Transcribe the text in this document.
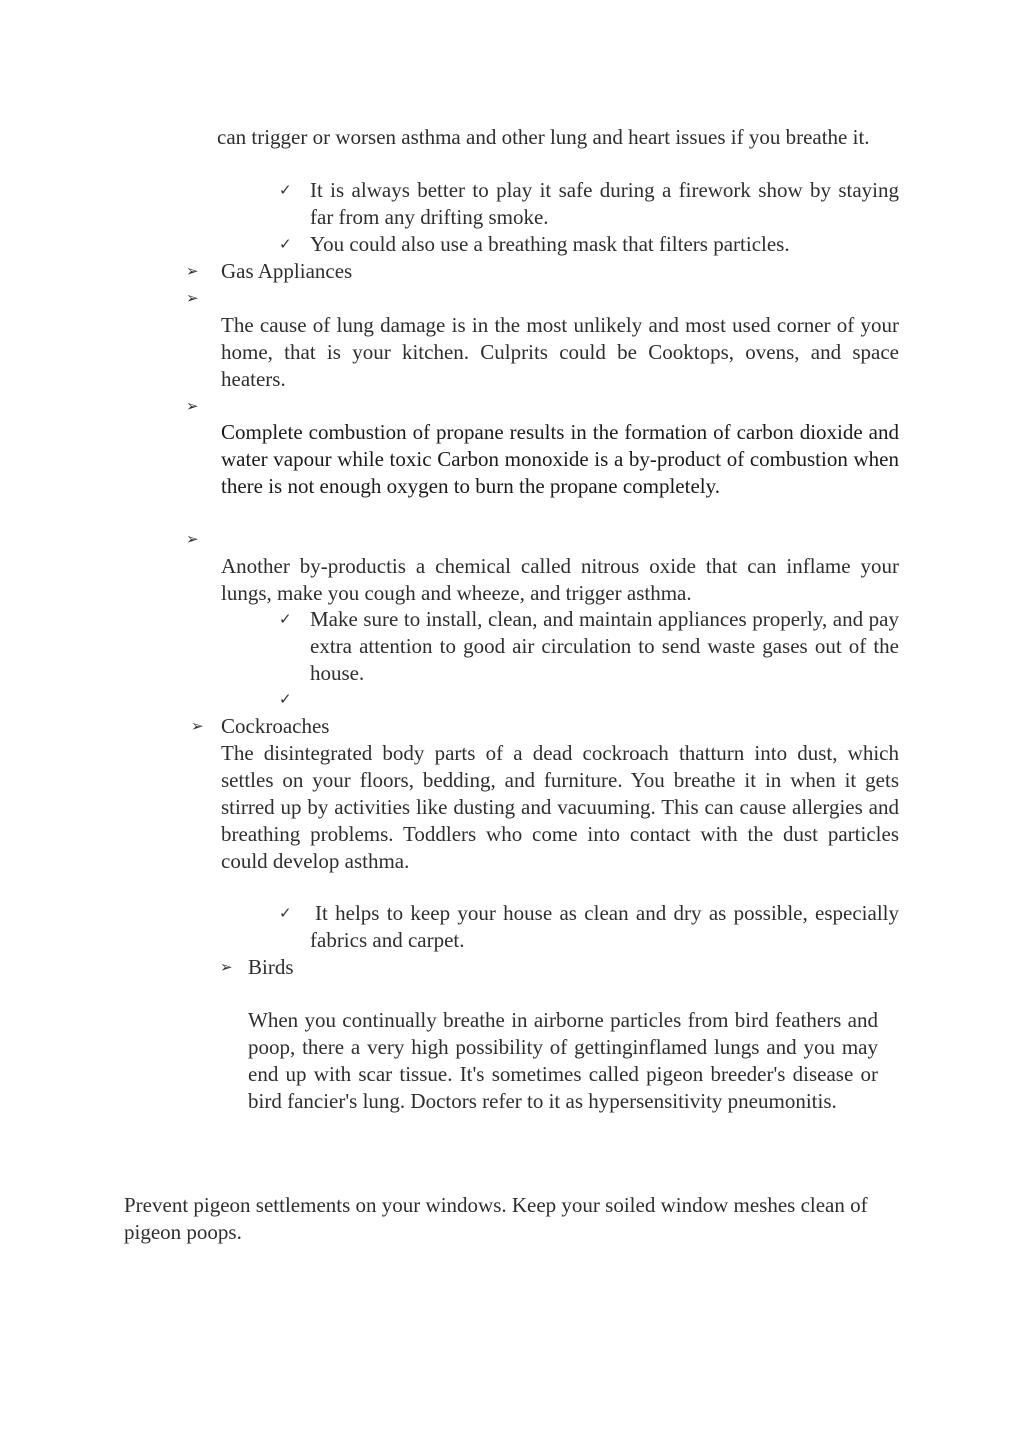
can trigger or worsen asthma and other lung and heart issues if you breathe it.

✓ It is always better to play it safe during a firework show by staying far from any drifting smoke.

✓ You could also use a breathing mask that filters particles.

➢ Gas Appliances

➢

The cause of lung damage is in the most unlikely and most used corner of your home, that is your kitchen. Culprits could be Cooktops, ovens, and space heaters.

➢

Complete combustion of propane results in the formation of carbon dioxide and water vapour while toxic Carbon monoxide is a by-product of combustion when there is not enough oxygen to burn the propane completely.

➢

Another by-productis a chemical called nitrous oxide that can inflame your lungs, make you cough and wheeze, and trigger asthma.

✓ Make sure to install, clean, and maintain appliances properly, and pay extra attention to good air circulation to send waste gases out of the house.

✓
➢ Cockroaches

The disintegrated body parts of a dead cockroach thatturn into dust, which settles on your floors, bedding, and furniture. You breathe it in when it gets stirred up by activities like dusting and vacuuming. This can cause allergies and breathing problems. Toddlers who come into contact with the dust particles could develop asthma.

✓ It helps to keep your house as clean and dry as possible, especially fabrics and carpet.

➢ Birds

When you continually breathe in airborne particles from bird feathers and poop, there a very high possibility of gettinginflamed lungs and you may end up with scar tissue. It's sometimes called pigeon breeder's disease or bird fancier's lung. Doctors refer to it as hypersensitivity pneumonitis.

Prevent pigeon settlements on your windows. Keep your soiled window meshes clean of pigeon poops.
